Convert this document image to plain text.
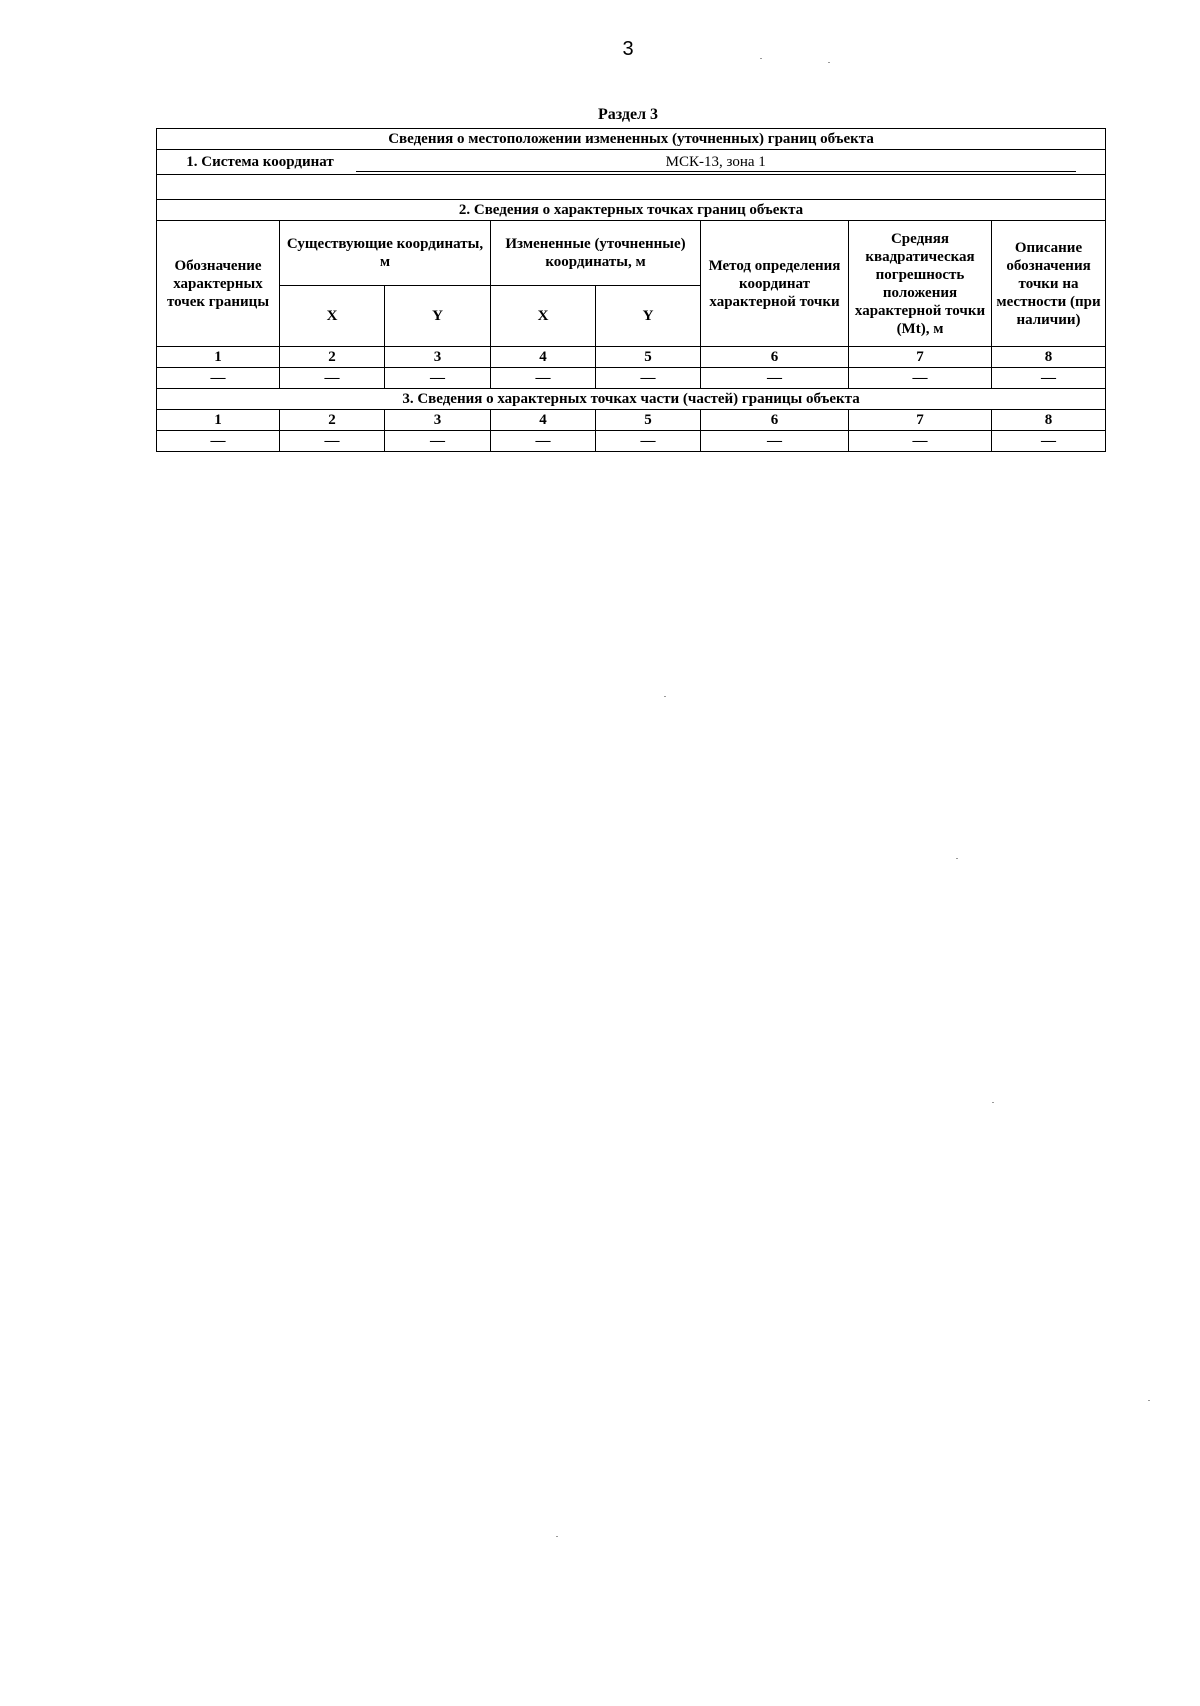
3
Раздел 3
Сведения о местоположении измененных (уточненных) границ объекта							
1. Система координат МСК-13, зона 1							

2. Сведения о характерных точках границ объекта							
Обозначение характерных точек границы	Существующие координаты, м		Измененные (уточненные) координаты, м		Метод определения координат характерной точки	Средняя квадратическая погрешность положения характерной точки (Mt), м	Описание обозначения точки на местности (при наличии)
	X	Y	X	Y			
1	2	3	4	5	6	7	8
—	—	—	—	—	—	—	—
3. Сведения о характерных точках части (частей) границы объекта							
1	2	3	4	5	6	7	8
—	—	—	—	—	—	—	—
